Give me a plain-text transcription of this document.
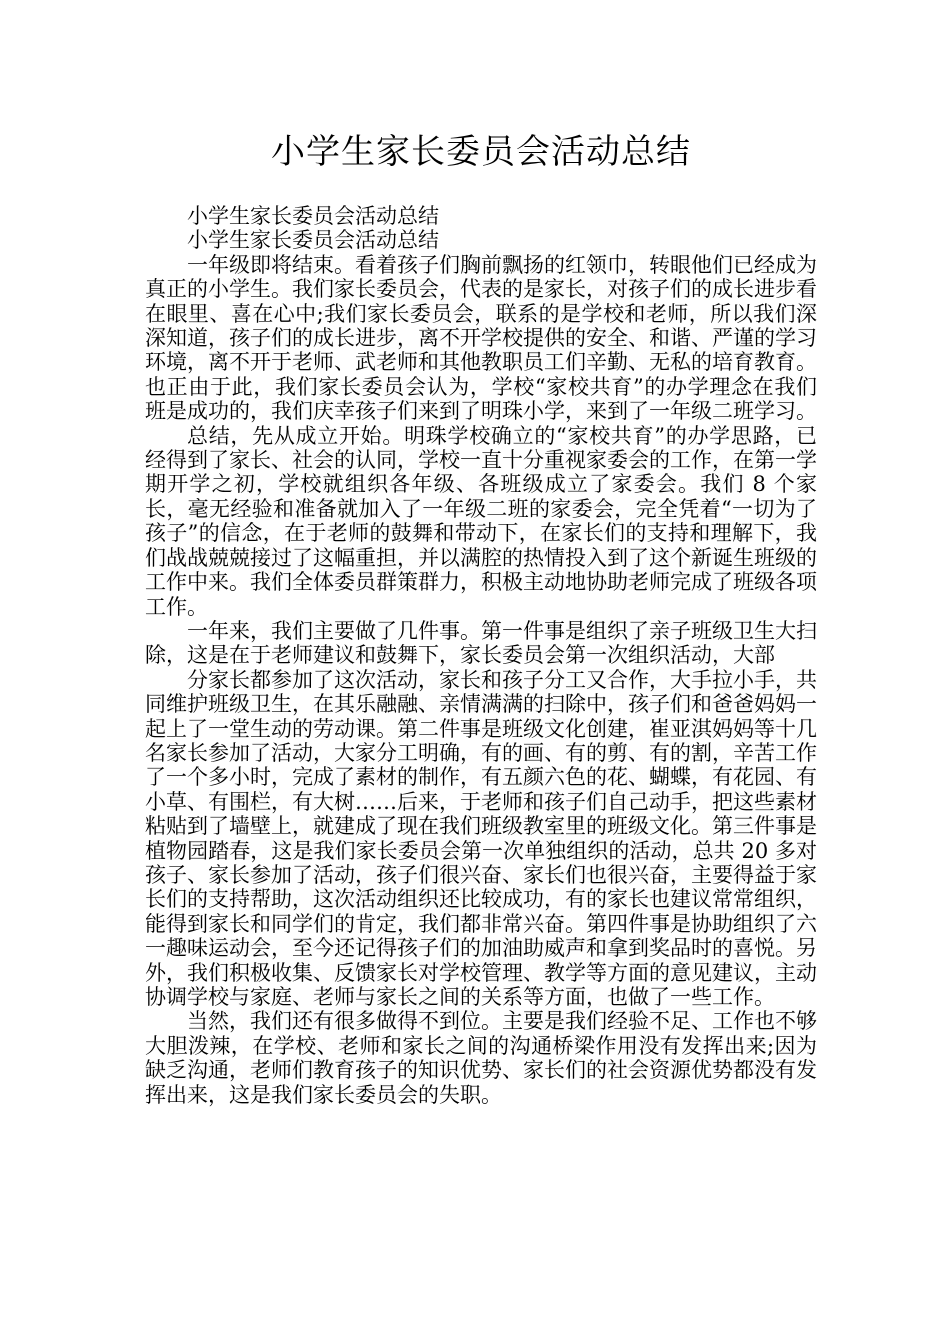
小学生家长委员会活动总结
小学生家长委员会活动总结
小学生家长委员会活动总结

一年级即将结束。看着孩子们胸前飘扬的红领巾，转眼他们已经成为真正的小学生。我们家长委员会，代表的是家长，对孩子们的成长进步看在眼里、喜在心中;我们家长委员会，联系的是学校和老师，所以我们深深知道，孩子们的成长进步，离不开学校提供的安全、和谐、严谨的学习环境，离不开于老师、武老师和其他教职员工们辛勤、无私的培育教育。也正由于此，我们家长委员会认为，学校“家校共育”的办学理念在我们班是成功的，我们庆幸孩子们来到了明珠小学，来到了一年级二班学习。

总结，先从成立开始。明珠学校确立的“家校共育”的办学思路，已经得到了家长、社会的认同，学校一直十分重视家委会的工作，在第一学期开学之初，学校就组织各年级、各班级成立了家委会。我们 8 个家长，毫无经验和准备就加入了一年级二班的家委会，完全凭着“一切为了孩子”的信念，在于老师的鼓舞和带动下，在家长们的支持和理解下，我们战战兢兢接过了这幅重担，并以满腔的热情投入到了这个新诞生班级的工作中来。我们全体委员群策群力，积极主动地协助老师完成了班级各项工作。

一年来，我们主要做了几件事。第一件事是组织了亲子班级卫生大扫除，这是在于老师建议和鼓舞下，家长委员会第一次组织活动，大部

分家长都参加了这次活动，家长和孩子分工又合作，大手拉小手，共同维护班级卫生，在其乐融融、亲情满满的扫除中，孩子们和爸爸妈妈一起上了一堂生动的劳动课。第二件事是班级文化创建，崔亚淇妈妈等十几名家长参加了活动，大家分工明确，有的画、有的剪、有的割，辛苦工作了一个多小时，完成了素材的制作，有五颜六色的花、蝴蝶，有花园、有小草、有围栏，有大树……后来，于老师和孩子们自己动手，把这些素材粘贴到了墙壁上，就建成了现在我们班级教室里的班级文化。第三件事是植物园踏春，这是我们家长委员会第一次单独组织的活动，总共 20 多对孩子、家长参加了活动，孩子们很兴奋、家长们也很兴奋，主要得益于家长们的支持帮助，这次活动组织还比较成功，有的家长也建议常常组织，能得到家长和同学们的肯定，我们都非常兴奋。第四件事是协助组织了六一趣味运动会，至今还记得孩子们的加油助威声和拿到奖品时的喜悦。另外，我们积极收集、反馈家长对学校管理、教学等方面的意见建议，主动协调学校与家庭、老师与家长之间的关系等方面，也做了一些工作。

当然，我们还有很多做得不到位。主要是我们经验不足、工作也不够大胆泼辣，在学校、老师和家长之间的沟通桥梁作用没有发挥出来;因为缺乏沟通，老师们教育孩子的知识优势、家长们的社会资源优势都没有发挥出来，这是我们家长委员会的失职。
